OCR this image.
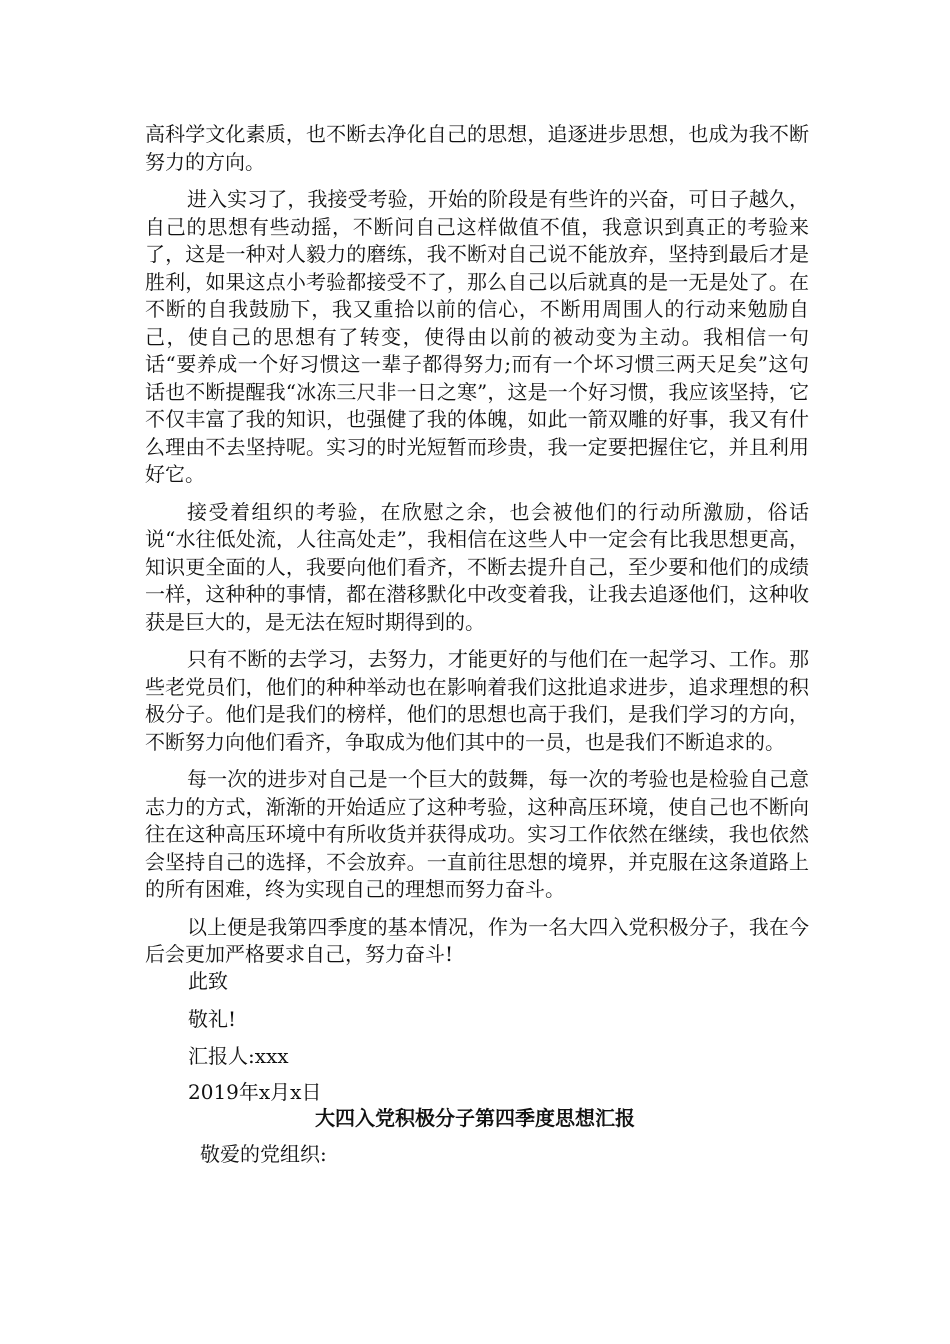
高科学文化素质，也不断去净化自己的思想，追逐进步思想，也成为我不断努力的方向。

进入实习了，我接受考验，开始的阶段是有些许的兴奋，可日子越久，自己的思想有些动摇，不断问自己这样做值不值，我意识到真正的考验来了，这是一种对人毅力的磨练，我不断对自己说不能放弃，坚持到最后才是胜利，如果这点小考验都接受不了，那么自己以后就真的是一无是处了。在不断的自我鼓励下，我又重拾以前的信心，不断用周围人的行动来勉励自己，使自己的思想有了转变，使得由以前的被动变为主动。我相信一句话“要养成一个好习惯这一辈子都得努力;而有一个坏习惯三两天足矣”这句话也不断提醒我“冰冻三尺非一日之寒”，这是一个好习惯，我应该坚持，它不仅丰富了我的知识，也强健了我的体魄，如此一箭双雕的好事，我又有什么理由不去坚持呢。实习的时光短暂而珍贵，我一定要把握住它，并且利用好它。

接受着组织的考验，在欣慰之余，也会被他们的行动所激励，俗话说“水往低处流，人往高处走”，我相信在这些人中一定会有比我思想更高，知识更全面的人，我要向他们看齐，不断去提升自己，至少要和他们的成绩一样，这种种的事情，都在潜移默化中改变着我，让我去追逐他们，这种收获是巨大的，是无法在短时期得到的。

只有不断的去学习，去努力，才能更好的与他们在一起学习、工作。那些老党员们，他们的种种举动也在影响着我们这批追求进步，追求理想的积极分子。他们是我们的榜样，他们的思想也高于我们，是我们学习的方向，不断努力向他们看齐，争取成为他们其中的一员，也是我们不断追求的。

每一次的进步对自己是一个巨大的鼓舞，每一次的考验也是检验自己意志力的方式，渐渐的开始适应了这种考验，这种高压环境，使自己也不断向往在这种高压环境中有所收货并获得成功。实习工作依然在继续，我也依然会坚持自己的选择，不会放弃。一直前往思想的境界，并克服在这条道路上的所有困难，终为实现自己的理想而努力奋斗。

以上便是我第四季度的基本情况，作为一名大四入党积极分子，我在今后会更加严格要求自己，努力奋斗!

此致
敬礼!
汇报人:xxx
2019年x月x日
大四入党积极分子第四季度思想汇报
敬爱的党组织:
